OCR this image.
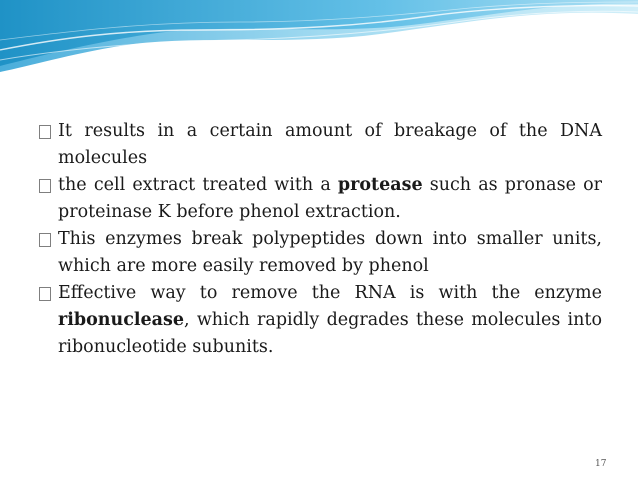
It results in a certain amount of breakage of the DNA molecules
the cell extract treated with a protease such as pronase or proteinase K before phenol extraction.
This enzymes break polypeptides down into smaller units, which are more easily removed by phenol
Effective way to remove the RNA is with the enzyme ribonuclease, which rapidly degrades these molecules into ribonucleotide subunits.
17
